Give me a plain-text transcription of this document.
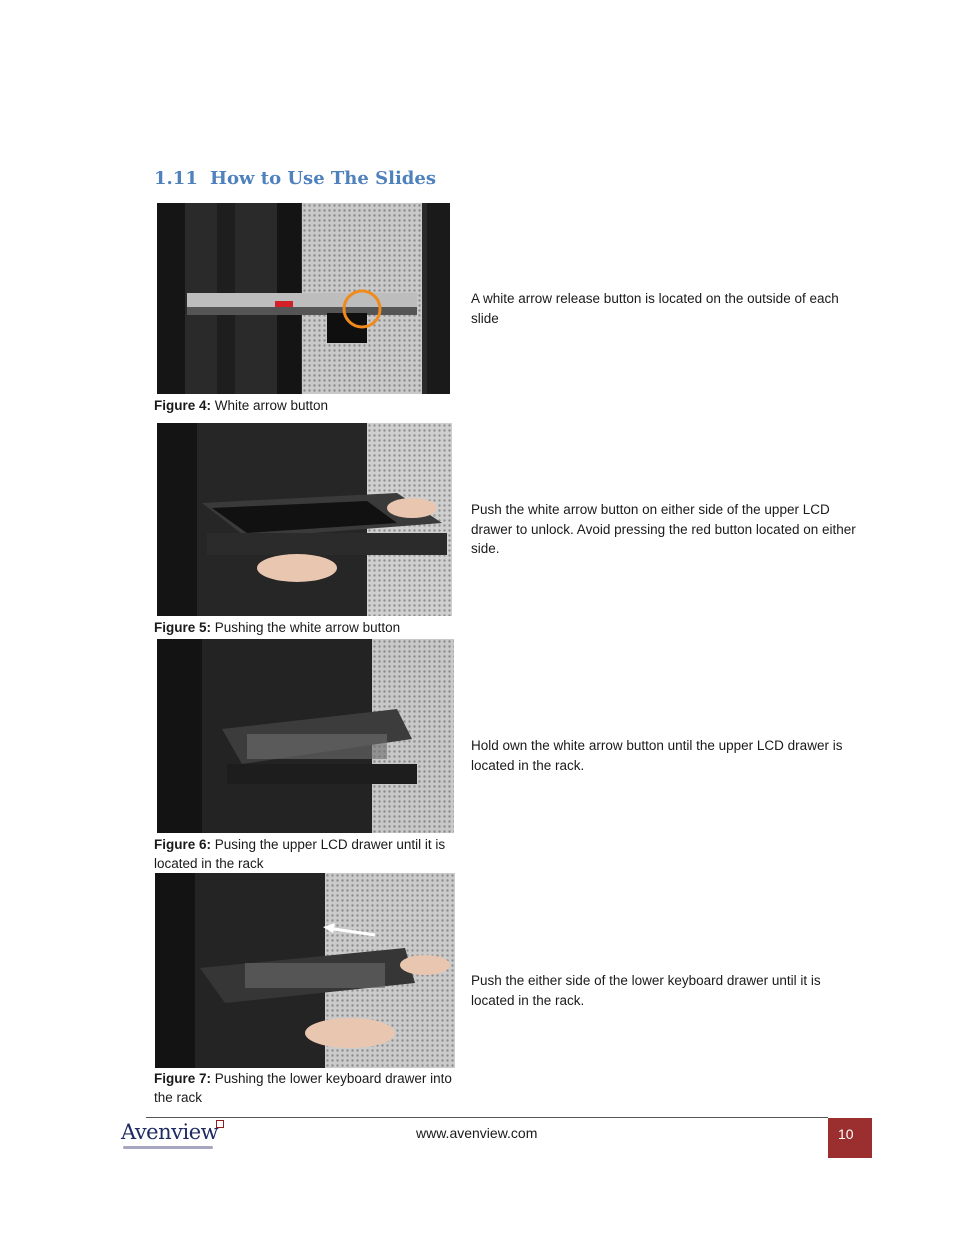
1.11 How to Use The Slides
Figure 4: White arrow button
A white arrow release button is located on the outside of each slide
Figure 5: Pushing the white arrow button
Push the white arrow button on either side of the upper LCD drawer to unlock. Avoid pressing the red button located on either side.
Figure 6: Pusing the upper LCD drawer until it is located in the rack
Hold own the white arrow button until the upper LCD drawer is located in the rack.
Figure 7: Pushing the lower keyboard drawer into the rack
Push the either side of the lower keyboard drawer until it is located in the rack.
Avenview	www.avenview.com	10
